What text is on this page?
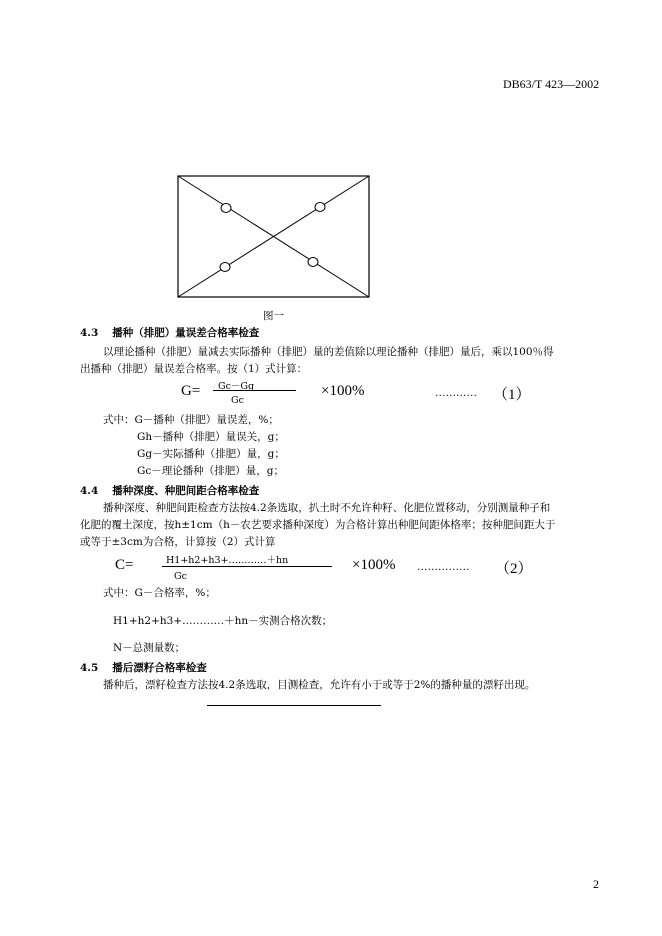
DB63/T 423—2002
图一
4.3 播种（排肥）量误差合格率检查
以理论播种（排肥）量减去实际播种（排肥）量的差值除以理论播种（排肥）量后，乘以100％得
出播种（排肥）量误差合格率。按（1）式计算：
G= Gc－Gg
Gc
×100%	………… （1）
式中：G－播种（排肥）量误差，%；
Gh－播种（排肥）量误关，g；
Gg－实际播种（排肥）量，g；
Gc－理论播种（排肥）量，g；
4.4 播种深度、种肥间距合格率检查
播种深度、种肥间距检查方法按4.2条选取，扒土时不允许种籽、化肥位置移动，分别测量种子和
化肥的覆土深度，按h±1cm（h－农艺要求播种深度）为合格计算出种肥间距体格率；按种肥间距大于
或等于±3cm为合格，计算按（2）式计算
C=	H1+h2+h3+…………＋hn
Gc
×100% …………… （2）
式中：G－合格率，%；
H1+h2+h3+…………＋hn－实测合格次数；
N－总测量数；
4.5 播后漂籽合格率检查
播种后，漂籽检查方法按4.2条选取，目测检查，允许有小于或等于2%的播种量的漂籽出现。
2
